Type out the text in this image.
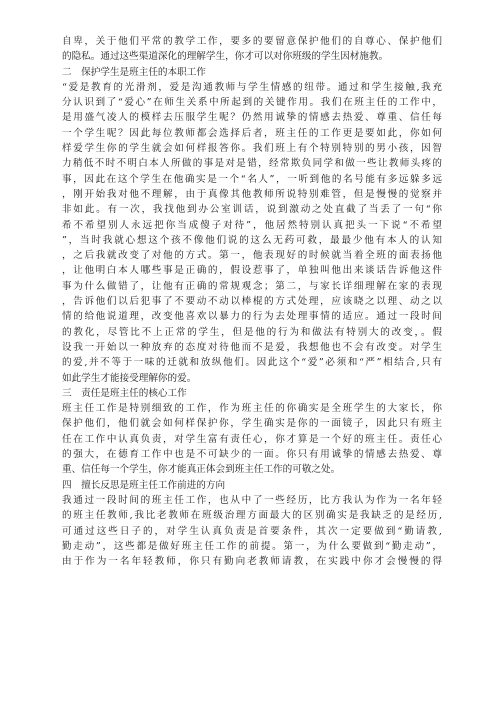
自卑，关于他们平常的教学工作，要多的要留意保护他们的自尊心、保护他们
的隐私。通过这些渠道深化的理解学生，你才可以对你班级的学生因材施教。
二　保护学生是班主任的本职工作
“爱是教育的光滑剂，爱是沟通教师与学生情感的纽带。通过和学生接触,我充
分认识到了“爱心”在师生关系中所起到的关键作用。我们在班主任的工作中，
是用盛气凌人的模样去压服学生呢？仍然用诚挚的情感去热爱、尊重、信任每
一个学生呢？因此每位教师都会选择后者，班主任的工作更是要如此，你如何
样爱学生你的学生就会如何样报答你。我们班上有个特别特别的男小孩，因智
力稍低不时不明白本人所做的事是对是错，经常欺负同学和做一些让教师头疼的
事，因此在这个学生在他确实是一个“名人”，一听到他的名号能有多远躲多远
，刚开始我对他不理解，由于真像其他教师所说特别难管，但是慢慢的觉察并
非如此。有一次，我找他到办公室训话，说到激动之处直截了当丢了一句“你
希不希望别人永远把你当成傻子对待”，他居然特别认真把头一下说“不希望
”，当时我就心想这个孩不像他们说的这么无药可救，最最少他有本人的认知
，之后我就改变了对他的方式。第一，他表现好的时候就当着全班的面表扬他
，让他明白本人哪些事是正确的，假设惹事了，单独叫他出来谈话告诉他这件
事为什么做错了，让他有正确的常规观念；第二，与家长详细理解在家的表现
，告诉他们以后犯事了不要动不动以棒棍的方式处理，应该晓之以理、动之以
情的给他说道理，改变他喜欢以暴力的行为去处理事情的适应。通过一段时间
的教化，尽管比不上正常的学生，但是他的行为和做法有特别大的改变，。假
设我一开始以一种放弃的态度对待他而不是爱，我想他也不会有改变。对学生
的爱,并不等于一味的迁就和放纵他们。因此这个“爱”必须和“严”相结合,只有
如此学生才能接受理解你的爱。
三　责任是班主任的核心工作
班主任工作是特别细致的工作，作为班主任的你确实是全班学生的大家长，你
保护他们，他们就会如何样保护你，学生确实是你的一面镜子，因此只有班主
任在工作中认真负责，对学生富有责任心，你才算是一个好的班主任。责任心
的强大，在德育工作中也是不可缺少的一面。你只有用诚挚的情感去热爱、尊
重、信任每一个学生，你才能真正体会到班主任工作的可敬之处。
四　擅长反思是班主任工作前进的方向
我通过一段时间的班主任工作，也从中了一些经历，比方我认为作为一名年轻
的班主任教师,我比老教师在班级治理方面最大的区别确实是我缺乏的是经历,
可通过这些日子的，对学生认真负责是首要条件，其次一定要做到“勤请教,
勤走动”，这些都是做好班主任工作的前提。第一，为什么要做到“勤走动”，
由于作为一名年轻教师，你只有勤向老教师请教，在实践中你才会慢慢的得
